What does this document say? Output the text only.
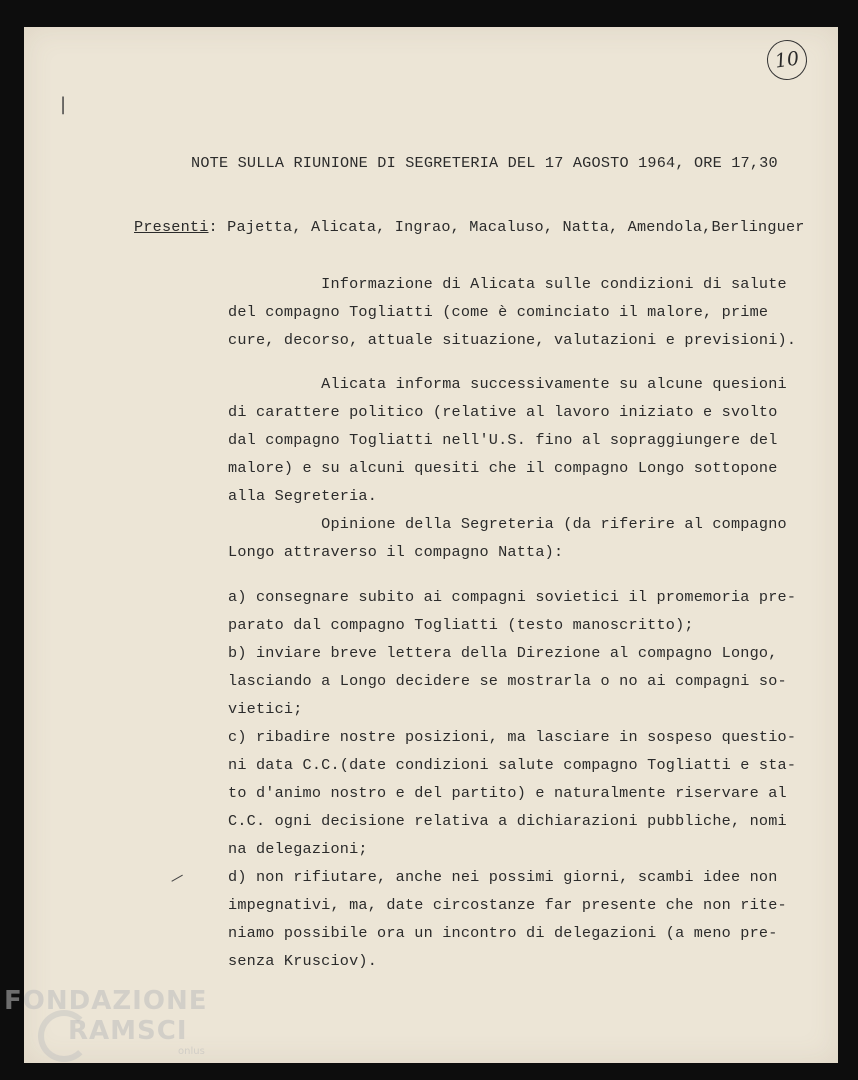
10
|
—
NOTE SULLA RIUNIONE DI SEGRETERIA DEL 17 AGOSTO 1964, ORE 17,30
Presenti: Pajetta, Alicata, Ingrao, Macaluso, Natta, Amendola,Berlinguer
Informazione di Alicata sulle condizioni di salute
del compagno Togliatti (come è cominciato il malore, prime
cure, decorso, attuale situazione, valutazioni e previsioni).
Alicata informa successivamente su alcune quesioni
di carattere politico (relative al lavoro iniziato e svolto
dal compagno Togliatti nell'U.S. fino al sopraggiungere del
malore) e su alcuni quesiti che il compagno Longo sottopone
alla Segreteria.
Opinione della Segreteria (da riferire al compagno
Longo attraverso il compagno Natta):
a) consegnare subito ai compagni sovietici il promemoria pre-
parato dal compagno Togliatti (testo manoscritto);
b) inviare breve lettera della Direzione al compagno Longo,
lasciando a Longo decidere se mostrarla o no ai compagni so-
vietici;
c) ribadire nostre posizioni, ma lasciare in sospeso questio-
ni data C.C.(date condizioni salute compagno Togliatti e sta-
to d'animo nostro e del partito) e naturalmente riservare al
C.C. ogni decisione relativa a dichiarazioni pubbliche, nomi
na delegazioni;
d) non rifiutare, anche nei possimi giorni, scambi idee non
impegnativi, ma, date circostanze far presente che non rite-
niamo possibile ora un incontro di delegazioni (a meno pre-
senza Krusciov).
FONDAZIONE
RAMSCI
onlus
